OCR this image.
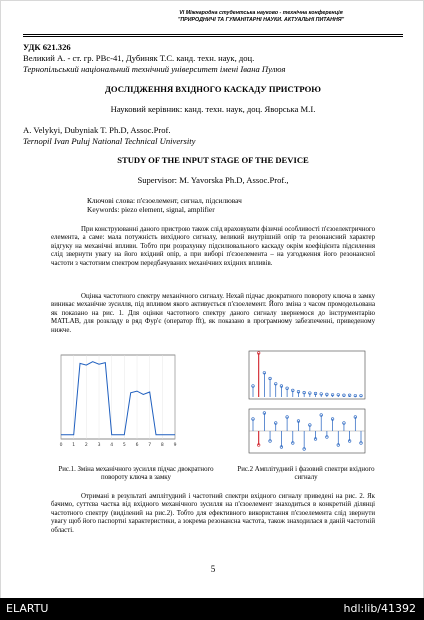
VI Міжнародна студентська науково - технічна конференція
"ПРИРОДНИЧІ ТА ГУМАНІТАРНІ НАУКИ. АКТУАЛЬНІ ПИТАННЯ"
УДК 621.326
Великий А. - ст. гр. РВс-41, Дубиняк Т.С. канд. техн. наук, доц.
Тернопільський національний технічний університет імені Івана Пулюя
ДОСЛІДЖЕННЯ ВХІДНОГО КАСКАДУ ПРИСТРОЮ
Науковий керівник: канд. техн. наук, доц. Яворська М.І.
A. Velykyi, Dubyniak T. Ph.D, Assoc.Prof.
Ternopil Ivan Puluj National Technical University
STUDY OF THE INPUT STAGE OF THE DEVICE
Supervisor: M. Yavorska Ph.D, Assoc.Prof.,
Ключові слова: п'єзоелемент, сигнал, підсилювач
Keywords: piezo element, signal, amplifier
При конструюванні даного пристрою також слід враховувати фізичні особливості п'єзоелектричного елемента, а саме: мала потужність вихідного сигналу, великий внутрішній опір та резонансний характер відгуку на механічні впливи. Тобто при розрахунку підсилювального каскаду окрім коефіцієнта підсилення слід звернути увагу на його вхідний опір, а при виборі п'єзоелемента – на узгодження його резонансної частоти з частотним спектром передбачуваних механічних вхідних впливів.
Оцінка частотного спектру механічного сигналу. Нехай підчас двократного повороту ключа в замку виникає механічне зусилля, під впливом якого активується п'єзоелемент. Його зміна з часом промодельована як показано на рис. 1. Для оцінки частотного спектру даного сигналу звернемося до інструментарію MATLAB, для розкладу в ряд Фур'є (оператор fft), як показано в програмному забезпеченні, приведеному нижче.
0 1 2 3 4 5 6 7 8 9
Рис.1. Зміна механічного зусилля підчас двократного повороту ключа в замку
Рис.2 Амплітудний і фазовий спектри вхідного сигналу
Отримані в результаті амплітудний і частотний спектри вхідного сигналу приведені на рис. 2. Як бачимо, суттєва частка від вхідного механічного зусилля на п'єзоелемент знаходиться в конкретній ділянці частотного спектру (виділений на рис.2). Тобто для ефективного використання п'єзоелемента слід звернути увагу щоб його паспортні характеристики, а зокрема резонансна частота, також знаходилася в даній частотній області.
5
ELARTU	hdl:lib/41392
